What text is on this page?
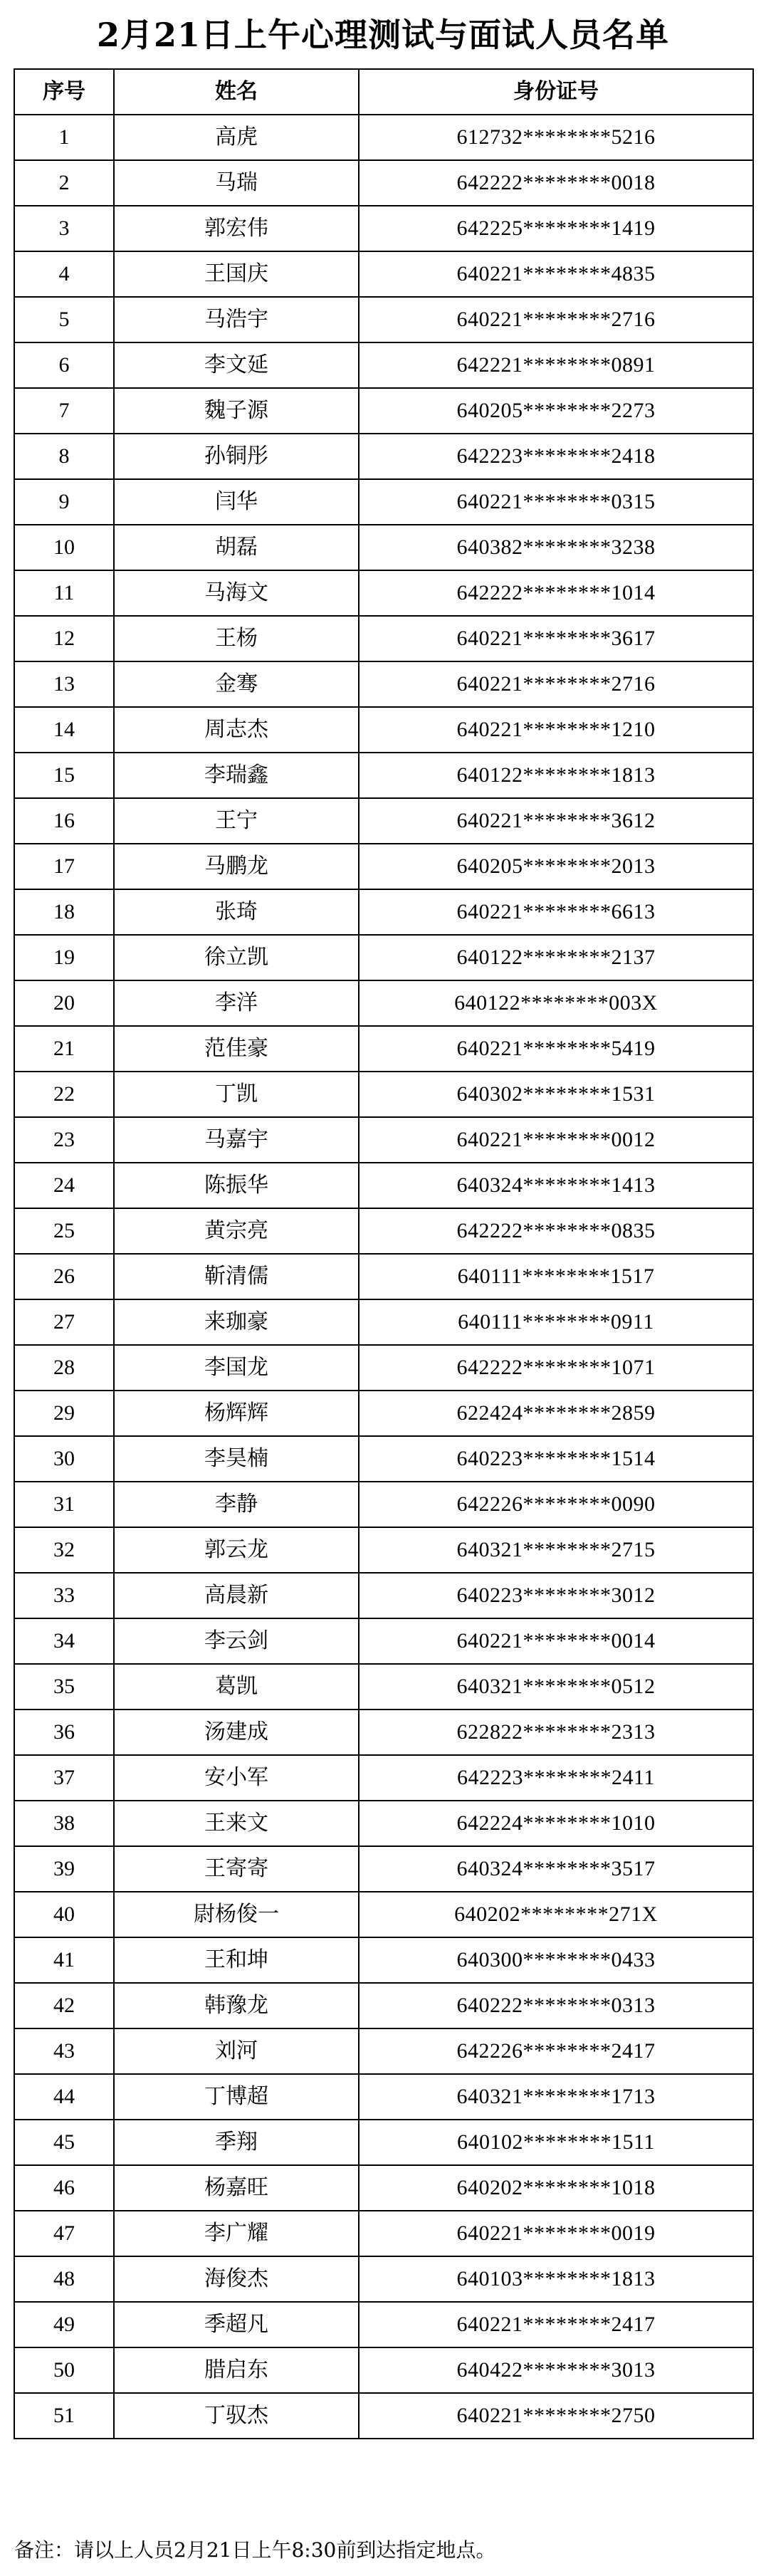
2月21日上午心理测试与面试人员名单
序号	姓名	身份证号
1	高虎	612732********5216
2	马瑞	642222********0018
3	郭宏伟	642225********1419
4	王国庆	640221********4835
5	马浩宇	640221********2716
6	李文延	642221********0891
7	魏子源	640205********2273
8	孙铜彤	642223********2418
9	闫华	640221********0315
10	胡磊	640382********3238
11	马海文	642222********1014
12	王杨	640221********3617
13	金骞	640221********2716
14	周志杰	640221********1210
15	李瑞鑫	640122********1813
16	王宁	640221********3612
17	马鹏龙	640205********2013
18	张琦	640221********6613
19	徐立凯	640122********2137
20	李洋	640122********003X
21	范佳豪	640221********5419
22	丁凯	640302********1531
23	马嘉宇	640221********0012
24	陈振华	640324********1413
25	黄宗亮	642222********0835
26	靳清儒	640111********1517
27	来珈豪	640111********0911
28	李国龙	642222********1071
29	杨辉辉	622424********2859
30	李昊楠	640223********1514
31	李静	642226********0090
32	郭云龙	640321********2715
33	高晨新	640223********3012
34	李云剑	640221********0014
35	葛凯	640321********0512
36	汤建成	622822********2313
37	安小军	642223********2411
38	王来文	642224********1010
39	王寄寄	640324********3517
40	尉杨俊一	640202********271X
41	王和坤	640300********0433
42	韩豫龙	640222********0313
43	刘河	642226********2417
44	丁博超	640321********1713
45	季翔	640102********1511
46	杨嘉旺	640202********1018
47	李广耀	640221********0019
48	海俊杰	640103********1813
49	季超凡	640221********2417
50	腊启东	640422********3013
51	丁驭杰	640221********2750
备注：请以上人员2月21日上午8:30前到达指定地点。
